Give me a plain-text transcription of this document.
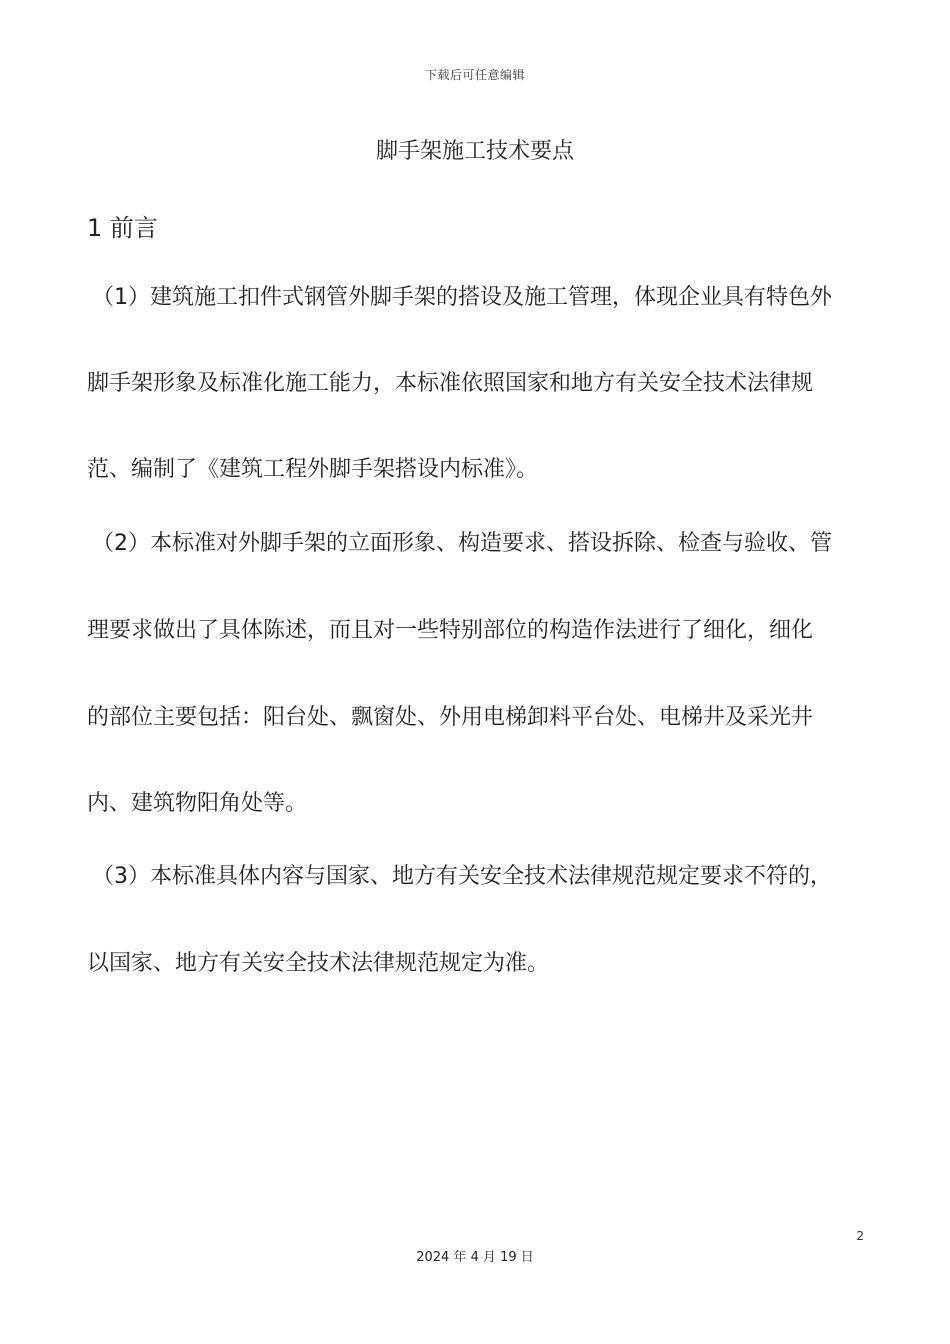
下载后可任意编辑
脚手架施工技术要点
1 前言

（1）建筑施工扣件式钢管外脚手架的搭设及施工管理，体现企业具有特色外

脚手架形象及标准化施工能力，本标准依照国家和地方有关安全技术法律规

范、编制了《建筑工程外脚手架搭设内标准》。

（2）本标准对外脚手架的立面形象、构造要求、搭设拆除、检查与验收、管

理要求做出了具体陈述，而且对一些特别部位的构造作法进行了细化，细化

的部位主要包括：阳台处、飘窗处、外用电梯卸料平台处、电梯井及采光井

内、建筑物阳角处等。

（3）本标准具体内容与国家、地方有关安全技术法律规范规定要求不符的，

以国家、地方有关安全技术法律规范规定为准。

2
2024 年 4 月 19 日
